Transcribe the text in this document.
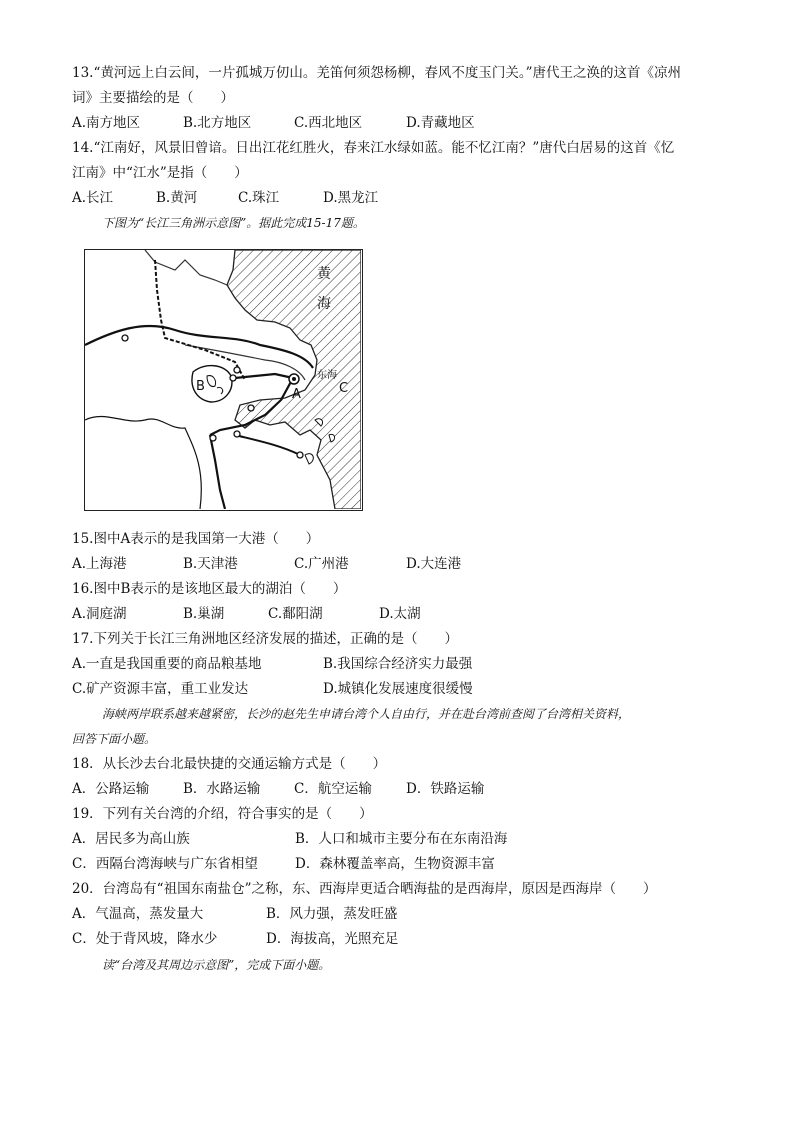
13.“黄河远上白云间，一片孤城万仞山。羌笛何须怨杨柳，春风不度玉门关。”唐代王之涣的这首《凉州
词》主要描绘的是（　　）
A.南方地区	B.北方地区	C.西北地区	D.青藏地区
14.“江南好，风景旧曾谙。日出江花红胜火，春来江水绿如蓝。能不忆江南？”唐代白居易的这首《忆
江南》中“江水”是指（　　）
A.长江	B.黄河	C.珠江	D.黑龙江
下图为“长江三角洲示意图”。据此完成15-17题。
黄
海
东海
C
A
B
15.图中A表示的是我国第一大港（　　）
A.上海港	B.天津港	C.广州港	D.大连港
16.图中B表示的是该地区最大的湖泊（　　）
A.洞庭湖	B.巢湖	C.鄱阳湖	D.太湖
17.下列关于长江三角洲地区经济发展的描述，正确的是（　　）
A.一直是我国重要的商品粮基地	B.我国综合经济实力最强
C.矿产资源丰富，重工业发达	D.城镇化发展速度很缓慢
海峡两岸联系越来越紧密，长沙的赵先生申请台湾个人自由行，并在赴台湾前查阅了台湾相关资料，
回答下面小题。
18．从长沙去台北最快捷的交通运输方式是（　　）
A．公路运输	B．水路运输 C．航空运输	D．铁路运输
19．下列有关台湾的介绍，符合事实的是（　　）
A．居民多为高山族	B．人口和城市主要分布在东南沿海
C．西隔台湾海峡与广东省相望	D．森林覆盖率高，生物资源丰富
20．台湾岛有“祖国东南盐仓”之称，东、西海岸更适合晒海盐的是西海岸，原因是西海岸（　　）
A．气温高，蒸发量大	B．风力强，蒸发旺盛
C．处于背风坡，降水少	D．海拔高，光照充足
读“台湾及其周边示意图”，完成下面小题。
